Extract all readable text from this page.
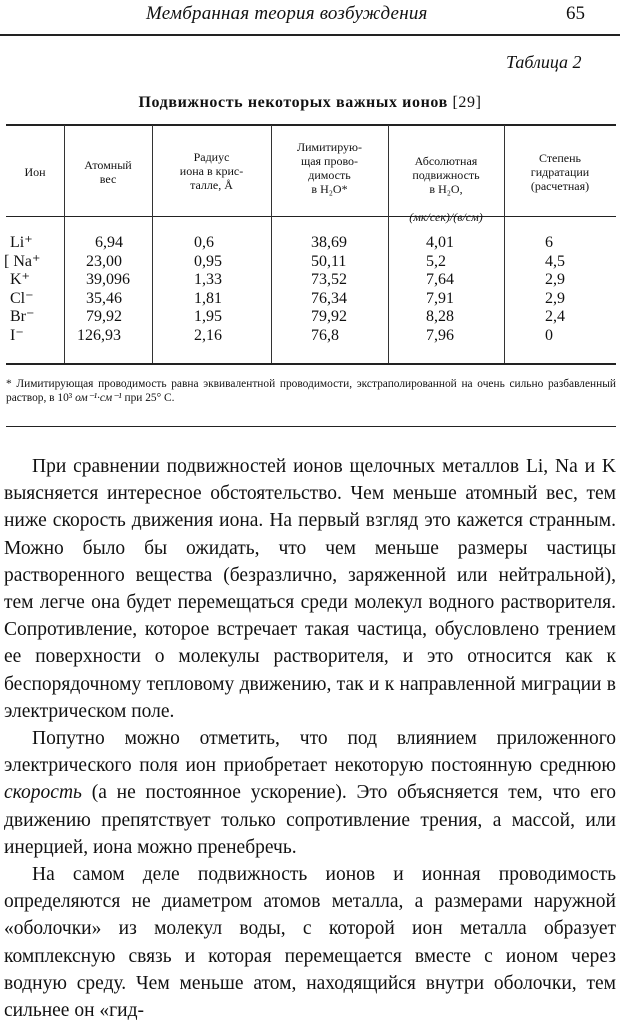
Мембранная теория возбуждения	65
Таблица 2
Подвижность некоторых важных ионов [29]
Ион	Атомный
вес
Радиус
иона в крис-
талле, Å
Лимитирую-
щая прово-
димость
в H₂O*

Абсолютная
подвижность
в H₂O,

(мк/сек)/(в/см)

Степень
гидратации
(расчетная)
Li⁺
[ Na⁺
K⁺
Cl⁻
Br⁻
I⁻
6,94
23,00
39,096
35,46
79,92
126,93
0,6
0,95
1,33
1,81
1,95
2,16
38,69
50,11
73,52
76,34
79,92
76,8
4,01
5,2
7,64
7,91
8,28
7,96
6
4,5
2,9
2,9
2,4
0
* Лимитирующая проводимость равна эквивалентной проводимости, экстраполированной на очень сильно разбавленный раствор, в 10³ ом⁻¹·см⁻¹ при 25° С.

При сравнении подвижностей ионов щелочных металлов Li, Na и K выясняется интересное обстоятельство. Чем меньше атомный вес, тем ниже скорость движения иона. На первый взгляд это кажется странным. Можно было бы ожидать, что чем меньше размеры частицы растворенного вещества (безразлично, заряженной или нейтральной), тем легче она будет перемещаться среди молекул водного растворителя. Сопротивление, которое встречает такая частица, обусловлено трением ее поверхности о молекулы растворителя, и это относится как к беспорядочному тепловому движению, так и к направленной миграции в электрическом поле.

Попутно можно отметить, что под влиянием приложенного электрического поля ион приобретает некоторую постоянную среднюю скорость (а не постоянное ускорение). Это объясняется тем, что его движению препятствует только сопротивление трения, а массой, или инерцией, иона можно пренебречь.

На самом деле подвижность ионов и ионная проводимость определяются не диаметром атомов металла, а размерами наружной «оболочки» из молекул воды, с которой ион металла образует комплексную связь и которая перемещается вместе с ионом через водную среду. Чем меньше атом, находящийся внутри оболочки, тем сильнее он «гид-
